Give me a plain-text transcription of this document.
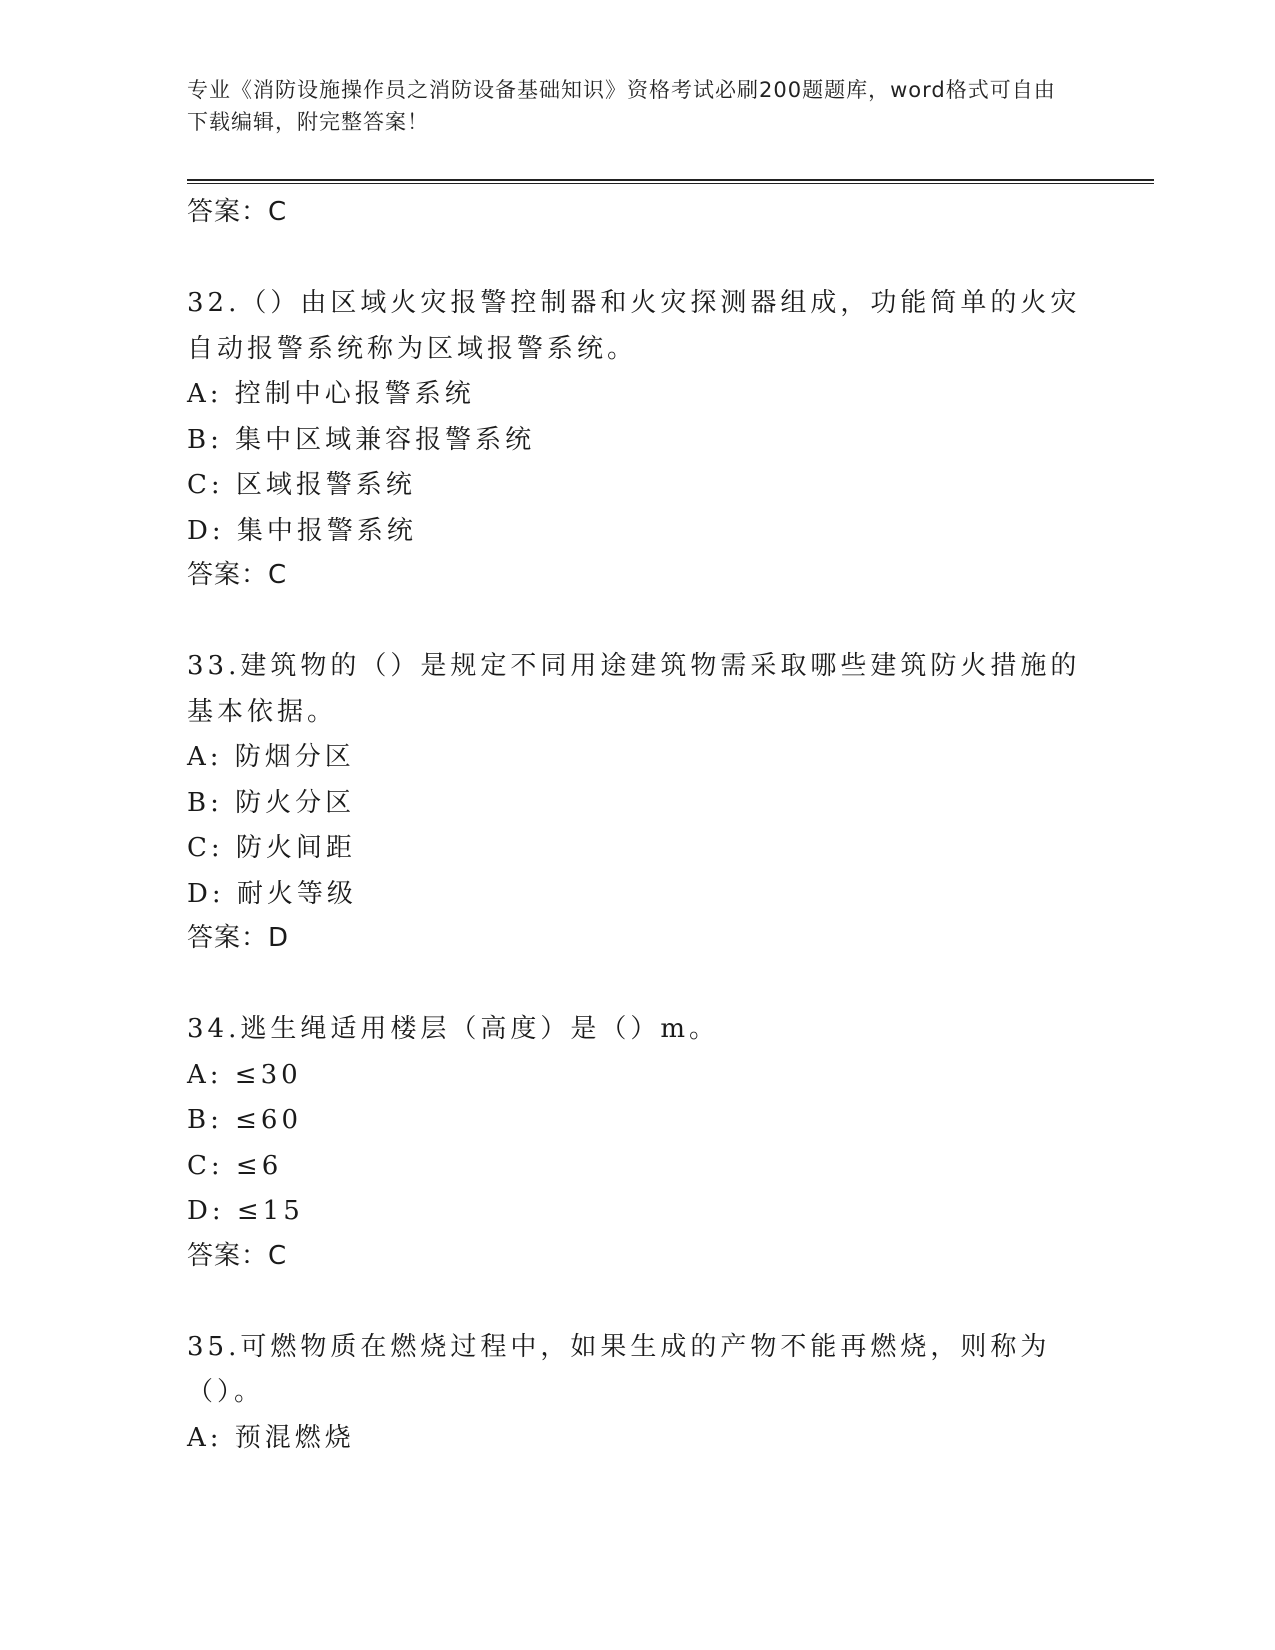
专业《消防设施操作员之消防设备基础知识》资格考试必刷200题题库，word格式可自由下载编辑，附完整答案！
答案：C
32.（）由区域火灾报警控制器和火灾探测器组成，功能简单的火灾自动报警系统称为区域报警系统。
A: 控制中心报警系统
B: 集中区域兼容报警系统
C: 区域报警系统
D: 集中报警系统
答案：C
33.建筑物的（）是规定不同用途建筑物需采取哪些建筑防火措施的基本依据。
A: 防烟分区
B: 防火分区
C: 防火间距
D: 耐火等级
答案：D
34.逃生绳适用楼层（高度）是（）m。
A: ≤30
B: ≤60
C: ≤6
D: ≤15
答案：C
35.可燃物质在燃烧过程中，如果生成的产物不能再燃烧，则称为（）。
A: 预混燃烧
